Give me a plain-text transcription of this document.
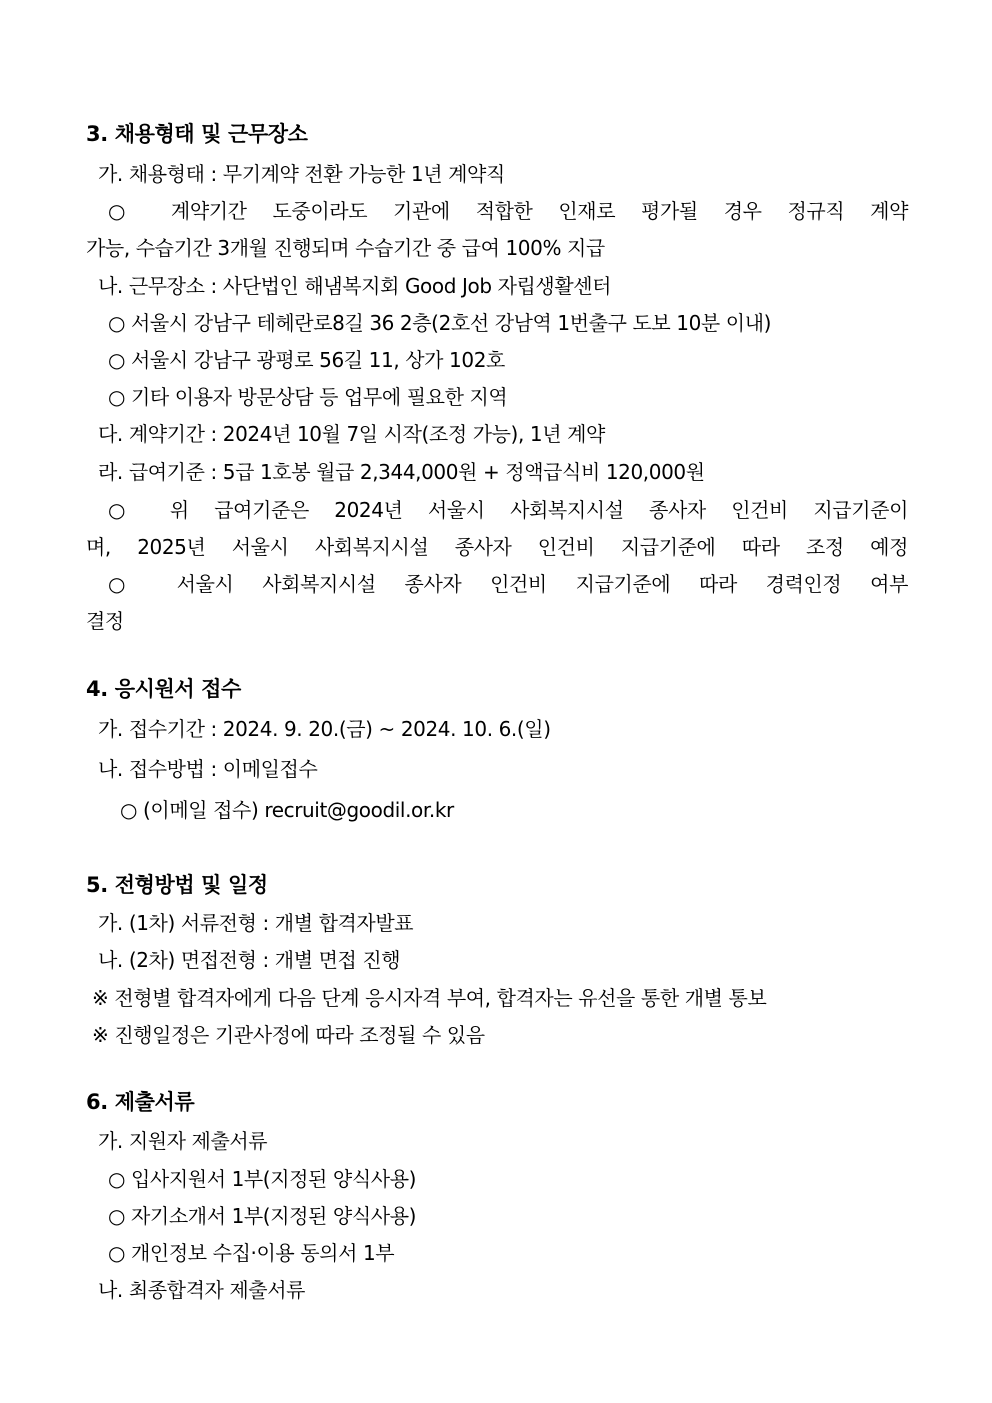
3. 채용형태 및 근무장소
가. 채용형태 : 무기계약 전환 가능한 1년 계약직
○ 계약기간 도중이라도 기관에 적합한 인재로 평가될 경우 정규직 계약
가능, 수습기간 3개월 진행되며 수습기간 중 급여 100% 지급
나. 근무장소 : 사단법인 해냄복지회 Good Job 자립생활센터
○ 서울시 강남구 테헤란로8길 36 2층(2호선 강남역 1번출구 도보 10분 이내)
○ 서울시 강남구 광평로 56길 11, 상가 102호
○ 기타 이용자 방문상담 등 업무에 필요한 지역
다. 계약기간 : 2024년 10월 7일 시작(조정 가능), 1년 계약
라. 급여기준 : 5급 1호봉 월급 2,344,000원 + 정액급식비 120,000원
○ 위 급여기준은 2024년 서울시 사회복지시설 종사자 인건비 지급기준이
며, 2025년 서울시 사회복지시설 종사자 인건비 지급기준에 따라 조정 예정
○ 서울시 사회복지시설 종사자 인건비 지급기준에 따라 경력인정 여부
결정
4. 응시원서 접수
가. 접수기간 : 2024. 9. 20.(금) ~ 2024. 10. 6.(일)
나. 접수방법 : 이메일접수
○ (이메일 접수) recruit@goodil.or.kr
5. 전형방법 및 일정
가. (1차) 서류전형 : 개별 합격자발표
나. (2차) 면접전형 : 개별 면접 진행
※ 전형별 합격자에게 다음 단계 응시자격 부여, 합격자는 유선을 통한 개별 통보
※ 진행일정은 기관사정에 따라 조정될 수 있음
6. 제출서류
가. 지원자 제출서류
○ 입사지원서 1부(지정된 양식사용)
○ 자기소개서 1부(지정된 양식사용)
○ 개인정보 수집·이용 동의서 1부
나. 최종합격자 제출서류
